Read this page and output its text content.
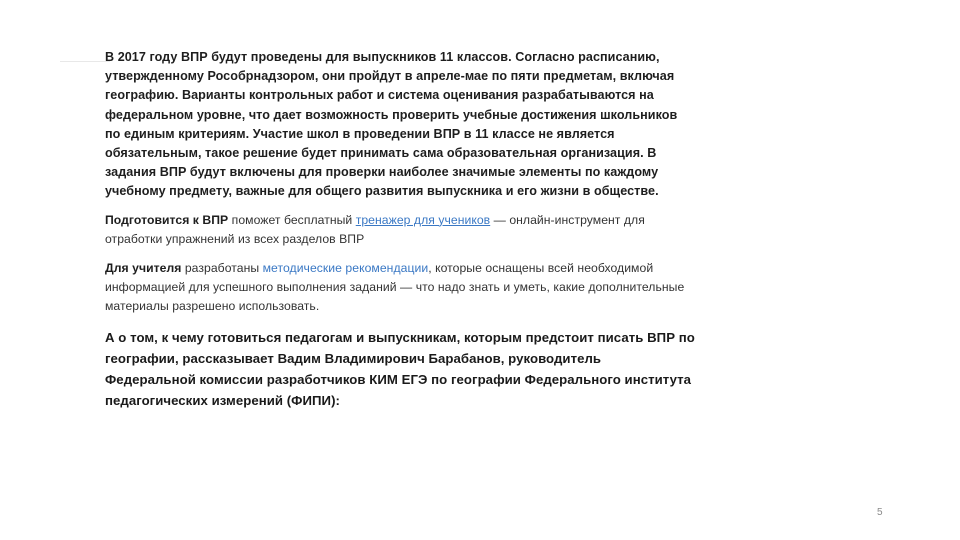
В 2017 году ВПР будут проведены для выпускников 11 классов. Согласно расписанию, утвержденному Рособрнадзором, они пройдут в апреле-мае по пяти предметам, включая географию. Варианты контрольных работ и система оценивания разрабатываются на федеральном уровне, что дает возможность проверить учебные достижения школьников по единым критериям. Участие школ в проведении ВПР в 11 классе не является обязательным, такое решение будет принимать сама образовательная организация. В задания ВПР будут включены для проверки наиболее значимые элементы по каждому учебному предмету, важные для общего развития выпускника и его жизни в обществе.

Подготовится к ВПР поможет бесплатный тренажер для учеников — онлайн-инструмент для отработки упражнений из всех разделов ВПР

Для учителя разработаны методические рекомендации, которые оснащены всей необходимой информацией для успешного выполнения заданий — что надо знать и уметь, какие дополнительные материалы разрешено использовать.

А о том, к чему готовиться педагогам и выпускникам, которым предстоит писать ВПР по географии, рассказывает Вадим Владимирович Барабанов, руководитель Федеральной комиссии разработчиков КИМ ЕГЭ по географии Федерального института педагогических измерений (ФИПИ):

5
